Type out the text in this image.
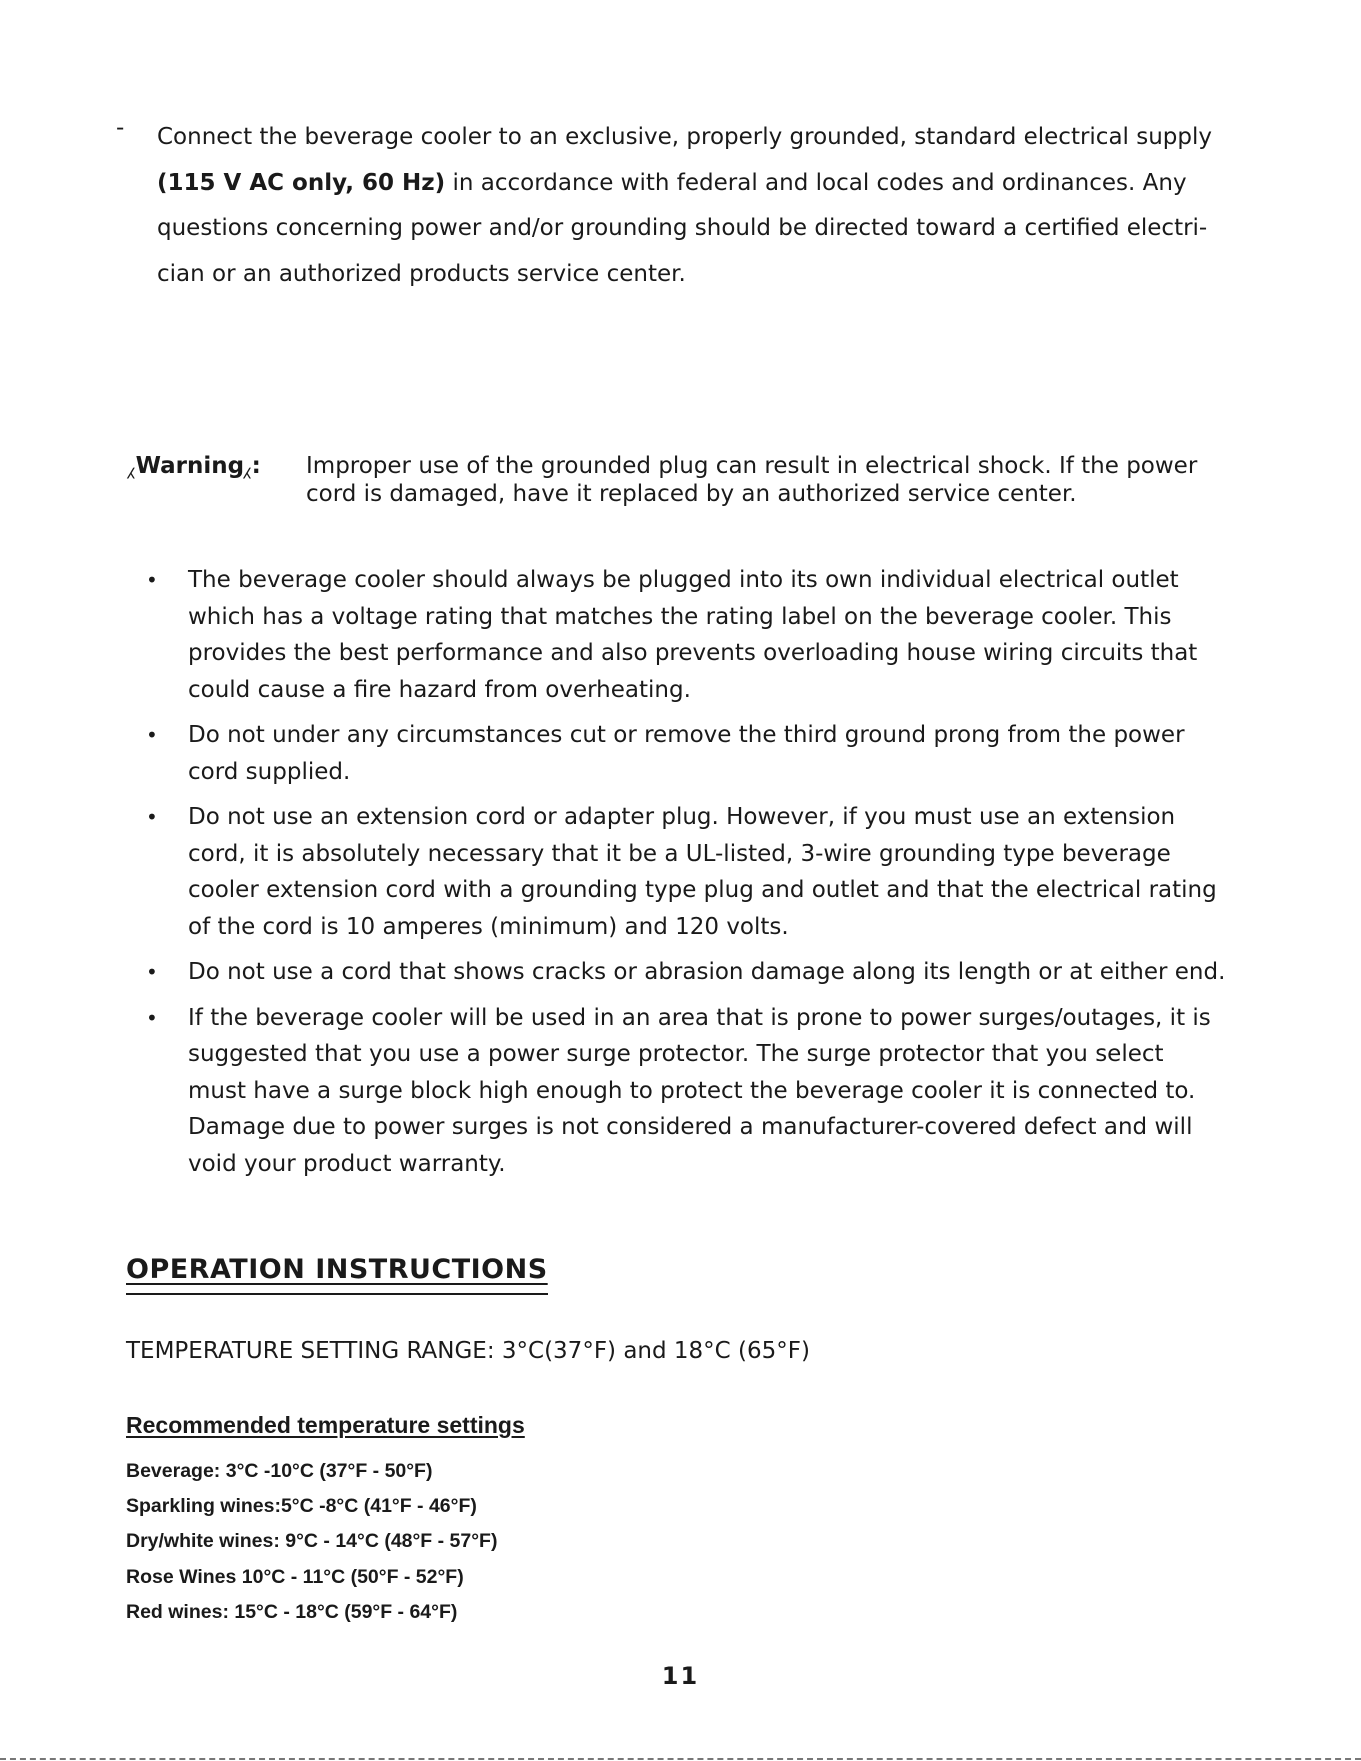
- Connect the beverage cooler to an exclusive, properly grounded, standard electrical supply (115 V AC only, 60 Hz) in accordance with federal and local codes and ordinances. Any questions concerning power and/or grounding should be directed toward a certified electri-cian or an authorized products service center.
⁁Warning⁁: Improper use of the grounded plug can result in electrical shock. If the power cord is damaged, have it replaced by an authorized service center.
• The beverage cooler should always be plugged into its own individual electrical outlet which has a voltage rating that matches the rating label on the beverage cooler. This provides the best performance and also prevents overloading house wiring circuits that could cause a fire hazard from overheating.
• Do not under any circumstances cut or remove the third ground prong from the power cord supplied.
• Do not use an extension cord or adapter plug. However, if you must use an extension cord, it is absolutely necessary that it be a UL-listed, 3-wire grounding type beverage cooler extension cord with a grounding type plug and outlet and that the electrical rating of the cord is 10 amperes (minimum) and 120 volts.
• Do not use a cord that shows cracks or abrasion damage along its length or at either end.
• If the beverage cooler will be used in an area that is prone to power surges/outages, it is suggested that you use a power surge protector. The surge protector that you select must have a surge block high enough to protect the beverage cooler it is connected to. Damage due to power surges is not considered a manufacturer-covered defect and will void your product warranty.
OPERATION INSTRUCTIONS
TEMPERATURE SETTING RANGE: 3°C(37°F) and 18°C (65°F)
Recommended temperature settings
Beverage: 3°C -10°C (37°F - 50°F)
Sparkling wines:5°C -8°C (41°F - 46°F)
Dry/white wines: 9°C - 14°C (48°F - 57°F)
Rose Wines 10°C - 11°C (50°F - 52°F)
Red wines: 15°C - 18°C (59°F - 64°F)
11
